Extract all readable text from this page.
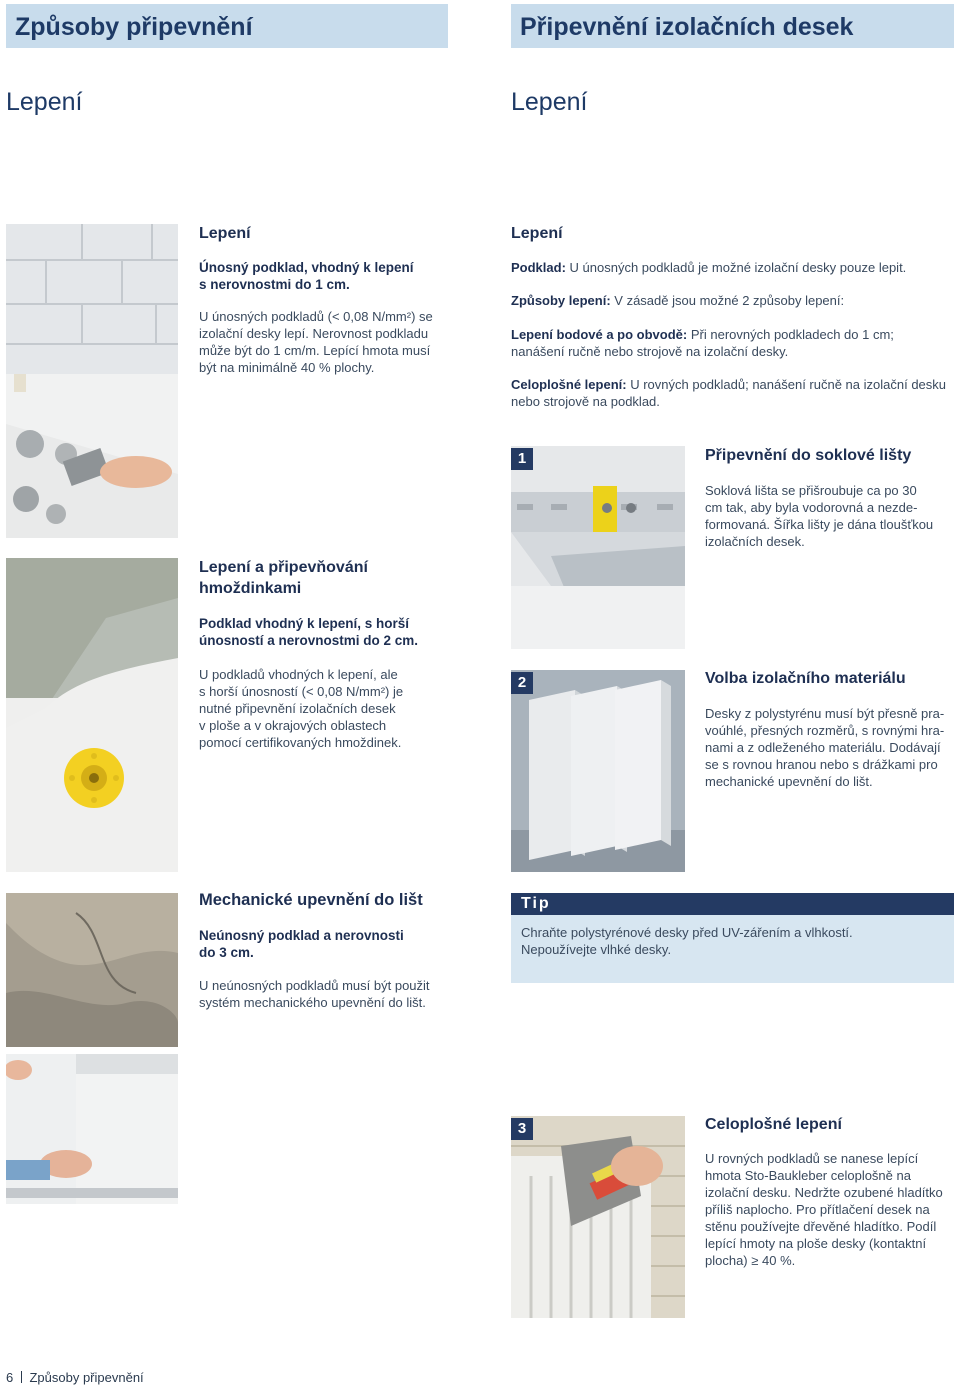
Způsoby připevnění	Připevnění izolačních desek
Lepení	Lepení
Lepení
Únosný podklad, vhodný k lepení
s nerovnostmi do 1 cm.
U únosných podkladů (< 0,08 N/mm²) se
izolační desky lepí. Nerovnost podkladu
může být do 1 cm/m. Lepící hmota musí
být na minimálně 40 % plochy.
Lepení
Podklad: U únosných podkladů je možné izolační desky pouze lepit.
Způsoby lepení: V zásadě jsou možné 2 způsoby lepení:
Lepení bodové a po obvodě: Při nerovných podkladech do 1 cm;
nanášení ručně nebo strojově na izolační desky.
Celoplošné lepení: U rovných podkladů; nanášení ručně na izolační desku
nebo strojově na podklad.
Lepení a připevňování
hmoždinkami
Podklad vhodný k lepení, s horší
únosností a nerovnostmi do 2 cm.
U podkladů vhodných k lepení, ale
s horší únosností (< 0,08 N/mm²) je
nutné připevnění izolačních desek
v ploše a v okrajových oblastech
pomocí certifikovaných hmoždinek.
1	Připevnění do soklové lišty
Soklová lišta se přišroubuje ca po 30
cm tak, aby byla vodorovná a nezde-
formovaná. Šířka lišty je dána tloušťkou
izolačních desek.
2	Volba izolačního materiálu
Desky z polystyrénu musí být přesně pra-
voúhlé, přesných rozměrů, s rovnými hra-
nami a z odleženého materiálu. Dodávají
se s rovnou hranou nebo s drážkami pro
mechanické upevnění do lišt.
Mechanické upevnění do lišt
Neúnosný podklad a nerovnosti
do 3 cm.
U neúnosných podkladů musí být použit
systém mechanického upevnění do lišt.
Tip
Chraňte polystyrénové desky před UV-zářením a vlhkostí.
Nepoužívejte vlhké desky.
3	Celoplošné lepení
U rovných podkladů se nanese lepící
hmota Sto-Baukleber celoplošně na
izolační desku. Nedržte ozubené hladítko
příliš naplocho. Pro přítlačení desek na
stěnu používejte dřevěné hladítko. Podíl
lepící hmoty na ploše desky (kontaktní
plocha) ≥ 40 %.
6 Způsoby připevnění
